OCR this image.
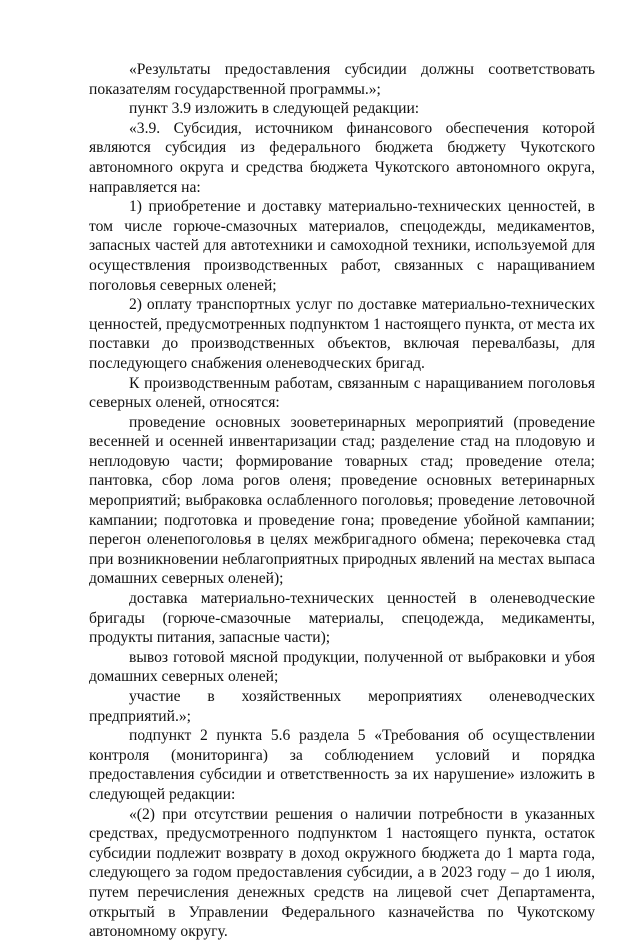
«Результаты предоставления субсидии должны соответствовать показателям государственной программы.»;

пункт 3.9 изложить в следующей редакции:

«3.9. Субсидия, источником финансового обеспечения которой являются субсидия из федерального бюджета бюджету Чукотского автономного округа и средства бюджета Чукотского автономного округа, направляется на:

1) приобретение и доставку материально-технических ценностей, в том числе горюче-смазочных материалов, спецодежды, медикаментов, запасных частей для автотехники и самоходной техники, используемой для осуществления производственных работ, связанных с наращиванием поголовья северных оленей;

2) оплату транспортных услуг по доставке материально-технических ценностей, предусмотренных подпунктом 1 настоящего пункта, от места их поставки до производственных объектов, включая перевалбазы, для последующего снабжения оленеводческих бригад.

К производственным работам, связанным с наращиванием поголовья северных оленей, относятся:

проведение основных зооветеринарных мероприятий (проведение весенней и осенней инвентаризации стад; разделение стад на плодовую и неплодовую части; формирование товарных стад; проведение отела; пантовка, сбор лома рогов оленя; проведение основных ветеринарных мероприятий; выбраковка ослабленного поголовья; проведение летовочной кампании; подготовка и проведение гона; проведение убойной кампании; перегон оленепоголовья в целях межбригадного обмена; перекочевка стад при возникновении неблагоприятных природных явлений на местах выпаса домашних северных оленей);

доставка материально-технических ценностей в оленеводческие бригады (горюче-смазочные материалы, спецодежда, медикаменты, продукты питания, запасные части);

вывоз готовой мясной продукции, полученной от выбраковки и убоя домашних северных оленей;

участие в хозяйственных мероприятиях оленеводческих предприятий.»;

подпункт 2 пункта 5.6 раздела 5 «Требования об осуществлении контроля (мониторинга) за соблюдением условий и порядка предоставления субсидии и ответственность за их нарушение» изложить в следующей редакции:

«(2) при отсутствии решения о наличии потребности в указанных средствах, предусмотренного подпунктом 1 настоящего пункта, остаток субсидии подлежит возврату в доход окружного бюджета до 1 марта года, следующего за годом предоставления субсидии, а в 2023 году – до 1 июля, путем перечисления денежных средств на лицевой счет Департамента, открытый в Управлении Федерального казначейства по Чукотскому автономному округу.
